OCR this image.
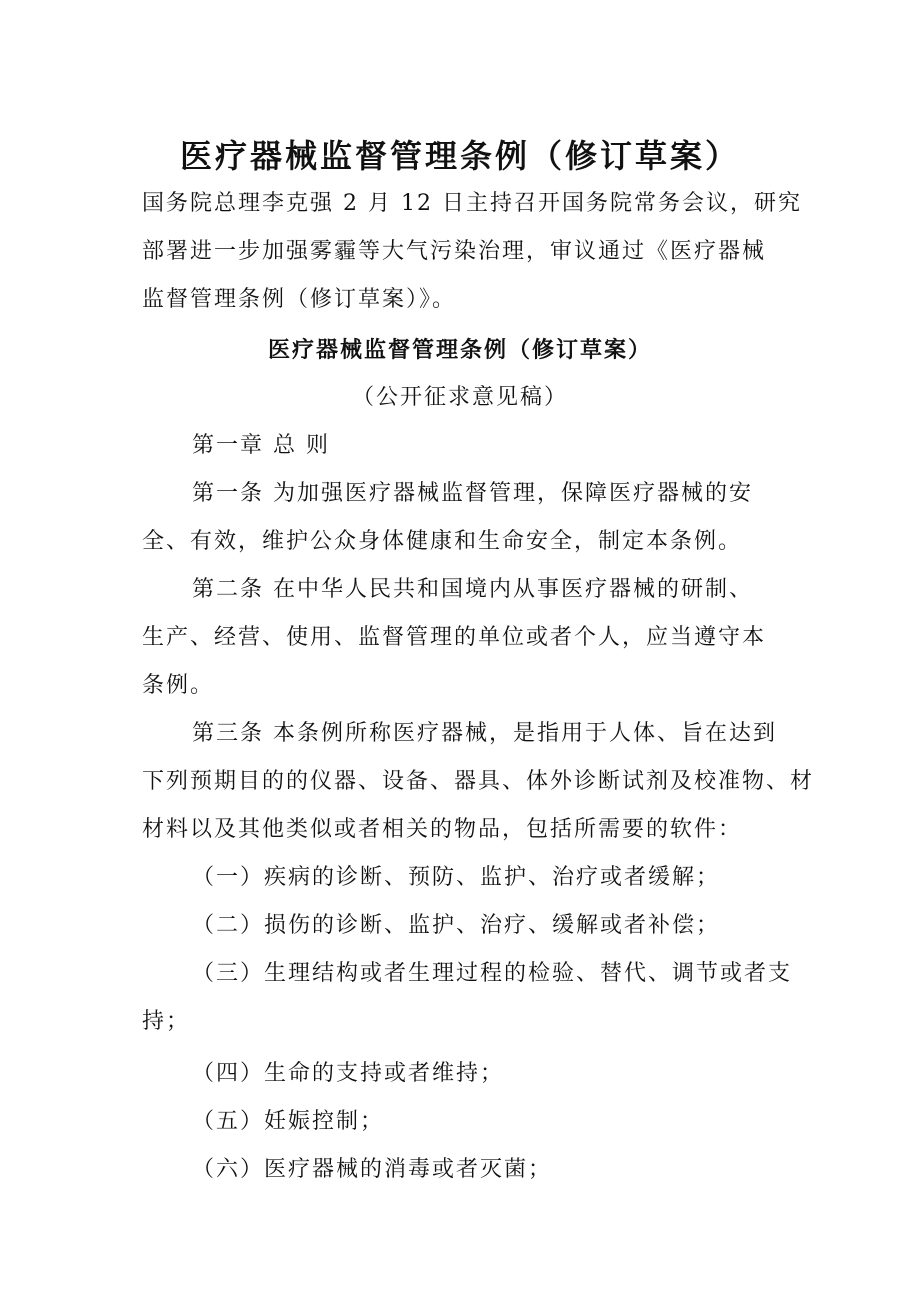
医疗器械监督管理条例（修订草案）

国务院总理李克强 2 月 12 日主持召开国务院常务会议，研究

部署进一步加强雾霾等大气污染治理，审议通过《医疗器械

监督管理条例（修订草案）》。

医疗器械监督管理条例（修订草案）

（公开征求意见稿）

第一章 总 则

第一条 为加强医疗器械监督管理，保障医疗器械的安

全、有效，维护公众身体健康和生命安全，制定本条例。

第二条 在中华人民共和国境内从事医疗器械的研制、

生产、经营、使用、监督管理的单位或者个人，应当遵守本

条例。

第三条 本条例所称医疗器械，是指用于人体、旨在达到

下列预期目的的仪器、设备、器具、体外诊断试剂及校准物、材

材料以及其他类似或者相关的物品，包括所需要的软件：

（一）疾病的诊断、预防、监护、治疗或者缓解；

（二）损伤的诊断、监护、治疗、缓解或者补偿；

（三）生理结构或者生理过程的检验、替代、调节或者支

持；

（四）生命的支持或者维持；

（五）妊娠控制；

（六）医疗器械的消毒或者灭菌；
